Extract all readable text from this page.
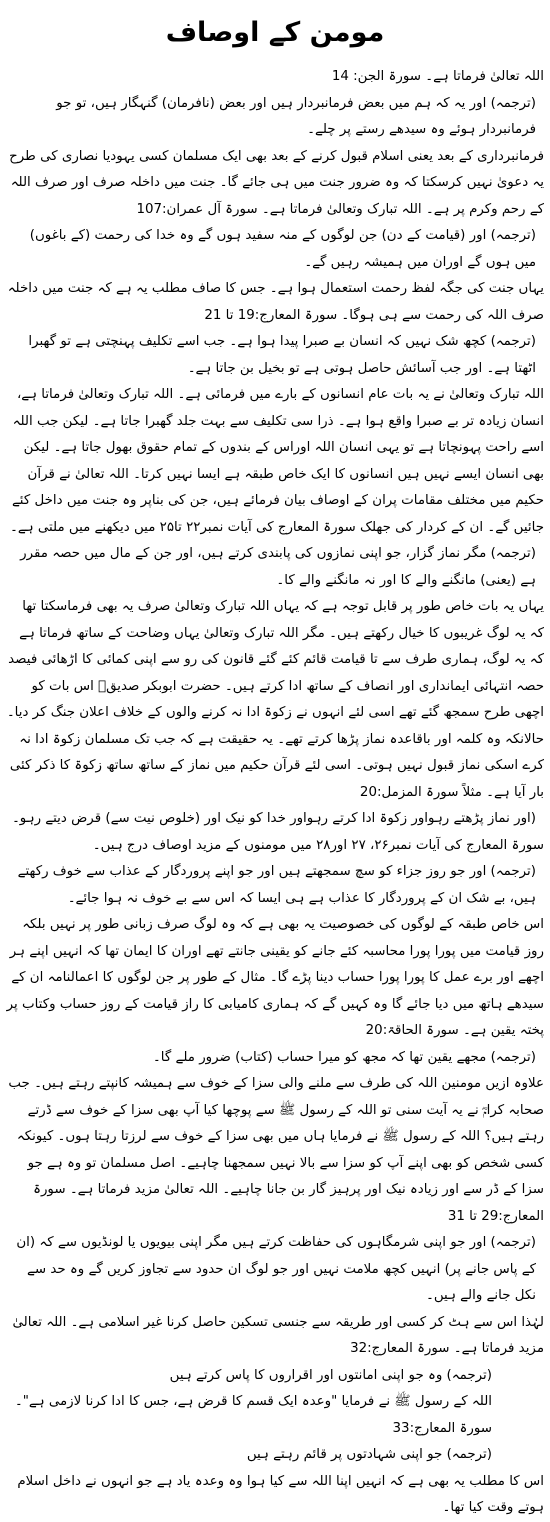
مومن کے اوصاف

اللہ تعالیٰ فرماتا ہے۔ سورۃ الجن: 14

(ترجمہ) اور یہ کہ ہم میں بعض فرمانبردار ہیں اور بعض (نافرمان) گنہگار ہیں، تو جو فرمانبردار ہوئے وہ سیدھے رستے پر چلے۔

فرمانبرداری کے بعد یعنی اسلام قبول کرنے کے بعد بھی ایک مسلمان کسی یہودیا نصاری کی طرح یہ دعویٰ نہیں کرسکتا کہ وہ ضرور جنت میں ہی جائے گا۔ جنت میں داخلہ صرف اور صرف اللہ کے رحم وکرم پر ہے۔ اللہ تبارک وتعالیٰ فرماتا ہے۔ سورۃ آل عمران:107

(ترجمہ) اور (قیامت کے دن) جن لوگوں کے منہ سفید ہوں گے وہ خدا کی رحمت (کے باغوں) میں ہوں گے اوران میں ہمیشہ رہیں گے۔

یہاں جنت کی جگہ لفظ رحمت استعمال ہوا ہے۔ جس کا صاف مطلب یہ ہے کہ جنت میں داخلہ صرف اللہ کی رحمت سے ہی ہوگا۔ سورۃ المعارج:19 تا 21

(ترجمہ) کچھ شک نہیں کہ انسان بے صبرا پیدا ہوا ہے۔ جب اسے تکلیف پہنچتی ہے تو گھبرا اٹھتا ہے۔ اور جب آسائش حاصل ہوتی ہے تو بخیل بن جاتا ہے۔

اللہ تبارک وتعالیٰ نے یہ بات عام انسانوں کے بارے میں فرمائی ہے۔ اللہ تبارک وتعالیٰ فرماتا ہے، انسان زیادہ تر بے صبرا واقع ہوا ہے۔ ذرا سی تکلیف سے بہت جلد گھبرا جاتا ہے۔ لیکن جب اللہ اسے راحت پہونچاتا ہے تو یہی انسان اللہ اوراس کے بندوں کے تمام حقوق بھول جاتا ہے۔ لیکن بھی انسان ایسے نہیں ہیں انسانوں کا ایک خاص طبقہ ہے ایسا نہیں کرتا۔ اللہ تعالیٰ نے قرآن حکیم میں مختلف مقامات پران کے اوصاف بیان فرمائے ہیں، جن کی بناپر وہ جنت میں داخل کئے جائیں گے۔ ان کے کردار کی جھلک سورۃ المعارج کی آیات نمبر۲۲ تا۲۵ میں دیکھنے میں ملتی ہے۔

(ترجمہ) مگر نماز گزار، جو اپنی نمازوں کی پابندی کرتے ہیں، اور جن کے مال میں حصہ مقرر ہے (یعنی) مانگنے والے کا اور نہ مانگنے والے کا۔

یہاں یہ بات خاص طور پر قابل توجہ ہے کہ یہاں اللہ تبارک وتعالیٰ صرف یہ بھی فرماسکتا تھا کہ یہ لوگ غریبوں کا خیال رکھتے ہیں۔ مگر اللہ تبارک وتعالیٰ یہاں وضاحت کے ساتھ فرماتا ہے کہ یہ لوگ، ہماری طرف سے تا قیامت قائم کئے گئے قانون کی رو سے اپنی کمائی کا اڑھائی فیصد حصہ انتہائی ایمانداری اور انصاف کے ساتھ ادا کرتے ہیں۔ حضرت ابوبکر صدیقؓ اس بات کو اچھی طرح سمجھ گئے تھے اسی لئے انہوں نے زکوۃ ادا نہ کرنے والوں کے خلاف اعلان جنگ کر دیا۔ حالانکہ وہ کلمہ اور باقاعدہ نماز پڑھا کرتے تھے۔ یہ حقیقت ہے کہ جب تک مسلمان زکوۃ ادا نہ کرے اسکی نماز قبول نہیں ہوتی۔ اسی لئے قرآن حکیم میں نماز کے ساتھ ساتھ زکوۃ کا ذکر کئی بار آیا ہے۔ مثلاً سورۃ المزمل:20

(اور نماز پڑھتے رہواور زکوۃ ادا کرتے رہواور خدا کو نیک اور (خلوص نیت سے) قرض دیتے رہو۔

سورۃ المعارج کی آیات نمبر۲۶، ۲۷ اور۲۸ میں مومنوں کے مزید اوصاف درج ہیں۔

(ترجمہ) اور جو روز جزاء کو سچ سمجھتے ہیں اور جو اپنے پروردگار کے عذاب سے خوف رکھتے ہیں، بے شک ان کے پروردگار کا عذاب ہے ہی ایسا کہ اس سے بے خوف نہ ہوا جائے۔

اس خاص طبقہ کے لوگوں کی خصوصیت یہ بھی ہے کہ وہ لوگ صرف زبانی طور پر نہیں بلکہ روز قیامت میں پورا پورا محاسبہ کئے جانے کو یقینی جانتے تھے اوران کا ایمان تھا کہ انہیں اپنے ہر اچھے اور برے عمل کا پورا پورا حساب دینا پڑے گا۔ مثال کے طور پر جن لوگوں کا اعمالنامہ ان کے سیدھے ہاتھ میں دیا جائے گا وہ کہیں گے کہ ہماری کامیابی کا راز قیامت کے روز حساب وکتاب پر پختہ یقین ہے۔ سورۃ الحاقۃ:20

(ترجمہ) مجھے یقین تھا کہ مجھ کو میرا حساب (کتاب) ضرور ملے گا۔

علاوہ ازیں مومنین اللہ کی طرف سے ملنے والی سزا کے خوف سے ہمیشہ کانپتے رہتے ہیں۔ جب صحابہ کرامؓ نے یہ آیت سنی تو اللہ کے رسول ﷺ سے پوچھا کیا آپ بھی سزا کے خوف سے ڈرتے رہتے ہیں؟ اللہ کے رسول ﷺ نے فرمایا ہاں میں بھی سزا کے خوف سے لرزتا رہتا ہوں۔ کیونکہ کسی شخص کو بھی اپنے آپ کو سزا سے بالا نہیں سمجھنا چاہیے۔ اصل مسلمان تو وہ ہے جو سزا کے ڈر سے اور زیادہ نیک اور پرہیز گار بن جانا چاہیے۔ اللہ تعالیٰ مزید فرماتا ہے۔ سورۃ المعارج:29 تا 31

(ترجمہ) اور جو اپنی شرمگاہوں کی حفاظت کرتے ہیں مگر اپنی بیویوں یا لونڈیوں سے کہ (ان کے پاس جانے پر) انہیں کچھ ملامت نہیں اور جو لوگ ان حدود سے تجاوز کریں گے وہ حد سے نکل جانے والے ہیں۔

لہٰذا اس سے ہٹ کر کسی اور طریقہ سے جنسی تسکین حاصل کرنا غیر اسلامی ہے۔ اللہ تعالیٰ مزید فرماتا ہے۔ سورۃ المعارج:32

(ترجمہ) وہ جو اپنی امانتوں اور اقراروں کا پاس کرتے ہیں

اللہ کے رسول ﷺ نے فرمایا "وعدہ ایک قسم کا قرض ہے، جس کا ادا کرنا لازمی ہے"۔ سورۃ المعارج:33

(ترجمہ) جو اپنی شہادتوں پر قائم رہتے ہیں

اس کا مطلب یہ بھی ہے کہ انہیں اپنا اللہ سے کیا ہوا وہ وعدہ یاد ہے جو انہوں نے داخل اسلام ہوتے وقت کیا تھا۔
